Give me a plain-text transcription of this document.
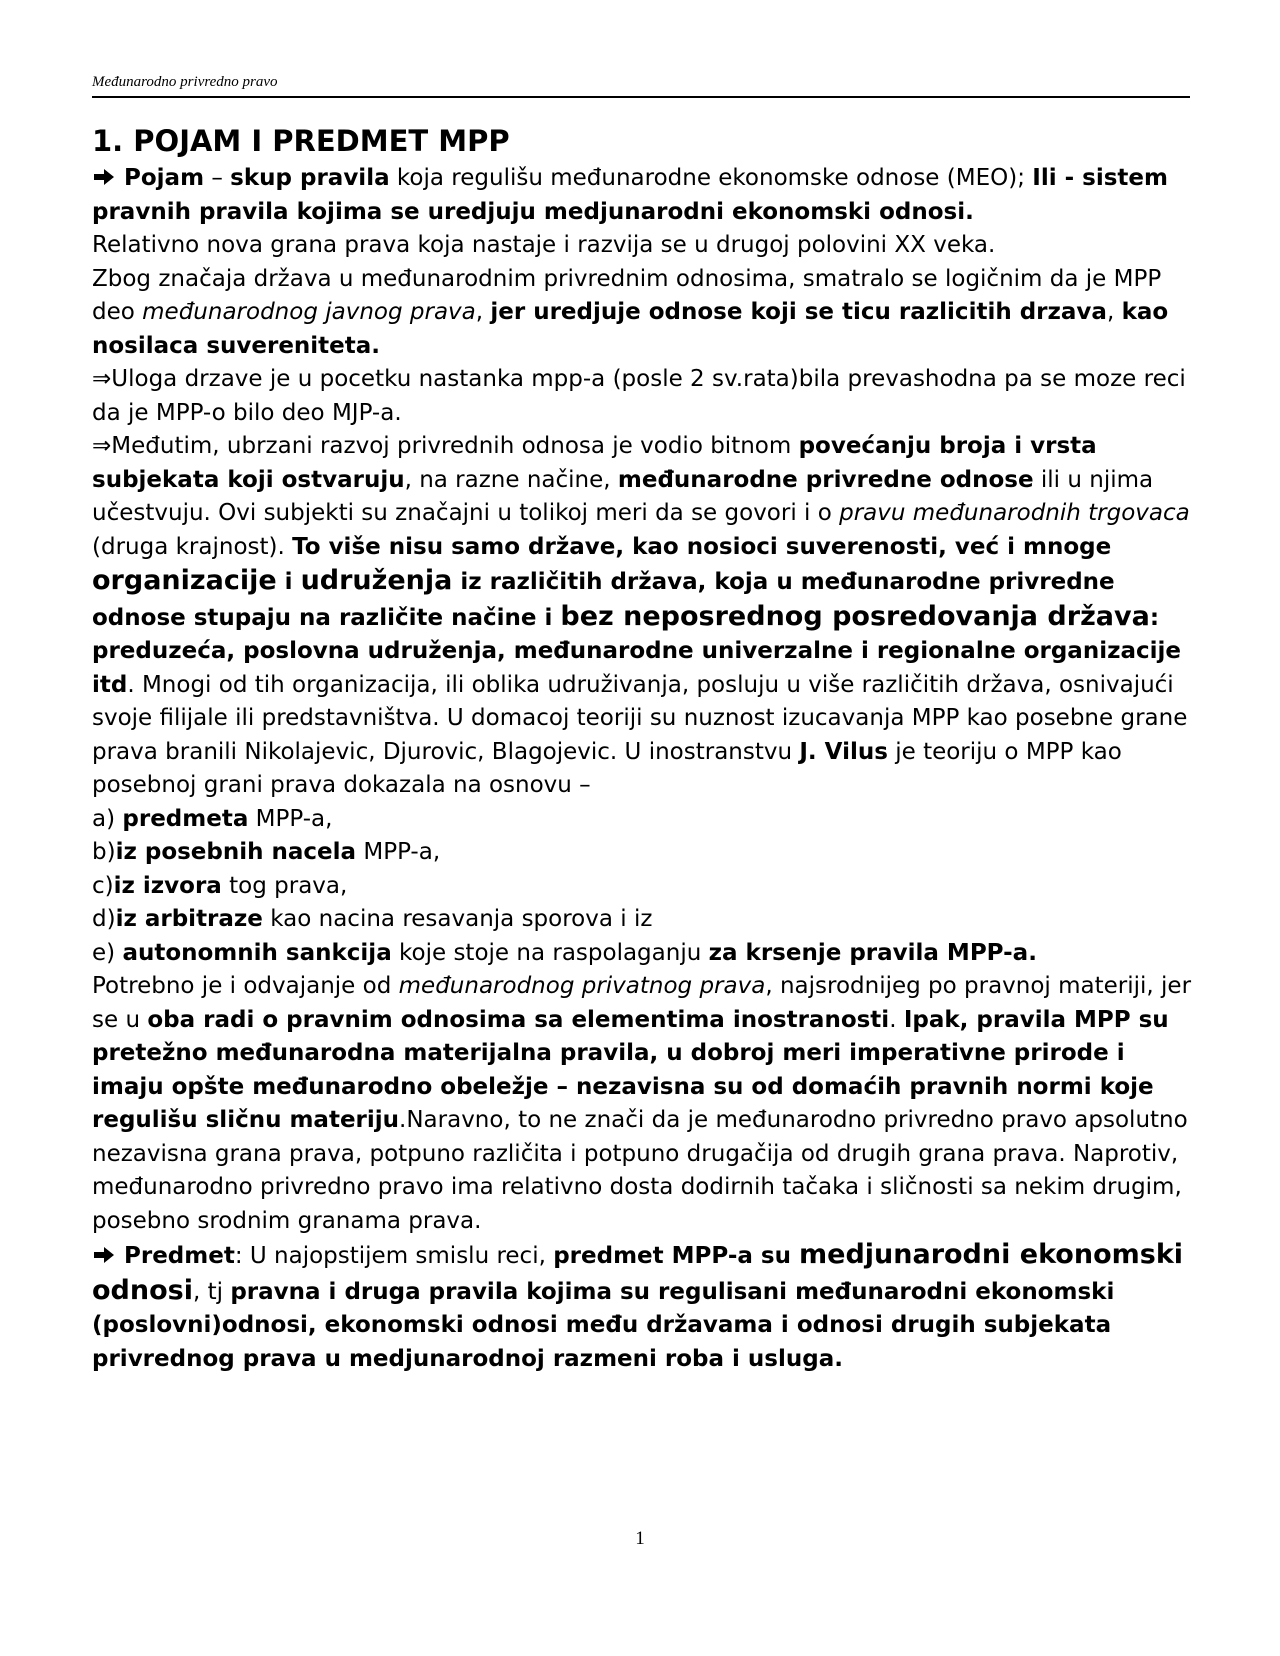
Međunarodno privredno pravo
1. POJAM I PREDMET MPP

Pojam – skup pravila koja regulišu međunarodne ekonomske odnose (MEO); Ili - sistem pravnih pravila kojima se uredjuju medjunarodni ekonomski odnosi.

Relativno nova grana prava koja nastaje i razvija se u drugoj polovini XX veka.

Zbog značaja država u međunarodnim privrednim odnosima, smatralo se logičnim da je MPP deo međunarodnog javnog prava, jer uredjuje odnose koji se ticu razlicitih drzava, kao nosilaca suvereniteta.

⇒Uloga drzave je u pocetku nastanka mpp-a (posle 2 sv.rata)bila prevashodna pa se moze reci da je MPP-o bilo deo MJP-a.

⇒Međutim, ubrzani razvoj privrednih odnosa je vodio bitnom povećanju broja i vrsta subjekata koji ostvaruju, na razne načine, međunarodne privredne odnose ili u njima učestvuju. Ovi subjekti su značajni u tolikoj meri da se govori i o pravu međunarodnih trgovaca (druga krajnost). To više nisu samo države, kao nosioci suverenosti, već i mnoge organizacije i udruženja iz različitih država, koja u međunarodne privredne odnose stupaju na različite načine i bez neposrednog posredovanja država: preduzeća, poslovna udruženja, međunarodne univerzalne i regionalne organizacije itd. Mnogi od tih organizacija, ili oblika udruživanja, posluju u više različitih država, osnivajući svoje filijale ili predstavništva. U domacoj teoriji su nuznost izucavanja MPP kao posebne grane prava branili Nikolajevic, Djurovic, Blagojevic. U inostranstvu J. Vilus je teoriju o MPP kao posebnoj grani prava dokazala na osnovu –

a) predmeta MPP-a,

b)iz posebnih nacela MPP-a,

c)iz izvora tog prava,

d)iz arbitraze kao nacina resavanja sporova i iz

e) autonomnih sankcija koje stoje na raspolaganju za krsenje pravila MPP-a.

Potrebno je i odvajanje od međunarodnog privatnog prava, najsrodnijeg po pravnoj materiji, jer se u oba radi o pravnim odnosima sa elementima inostranosti. Ipak, pravila MPP su pretežno međunarodna materijalna pravila, u dobroj meri imperativne prirode i imaju opšte međunarodno obeležje – nezavisna su od domaćih pravnih normi koje regulišu sličnu materiju.Naravno, to ne znači da je međunarodno privredno pravo apsolutno nezavisna grana prava, potpuno različita i potpuno drugačija od drugih grana prava. Naprotiv, međunarodno privredno pravo ima relativno dosta dodirnih tačaka i sličnosti sa nekim drugim, posebno srodnim granama prava.

Predmet: U najopstijem smislu reci, predmet MPP-a su medjunarodni ekonomski odnosi, tj pravna i druga pravila kojima su regulisani međunarodni ekonomski (poslovni)odnosi, ekonomski odnosi među državama i odnosi drugih subjekata privrednog prava u medjunarodnoj razmeni roba i usluga.

1
